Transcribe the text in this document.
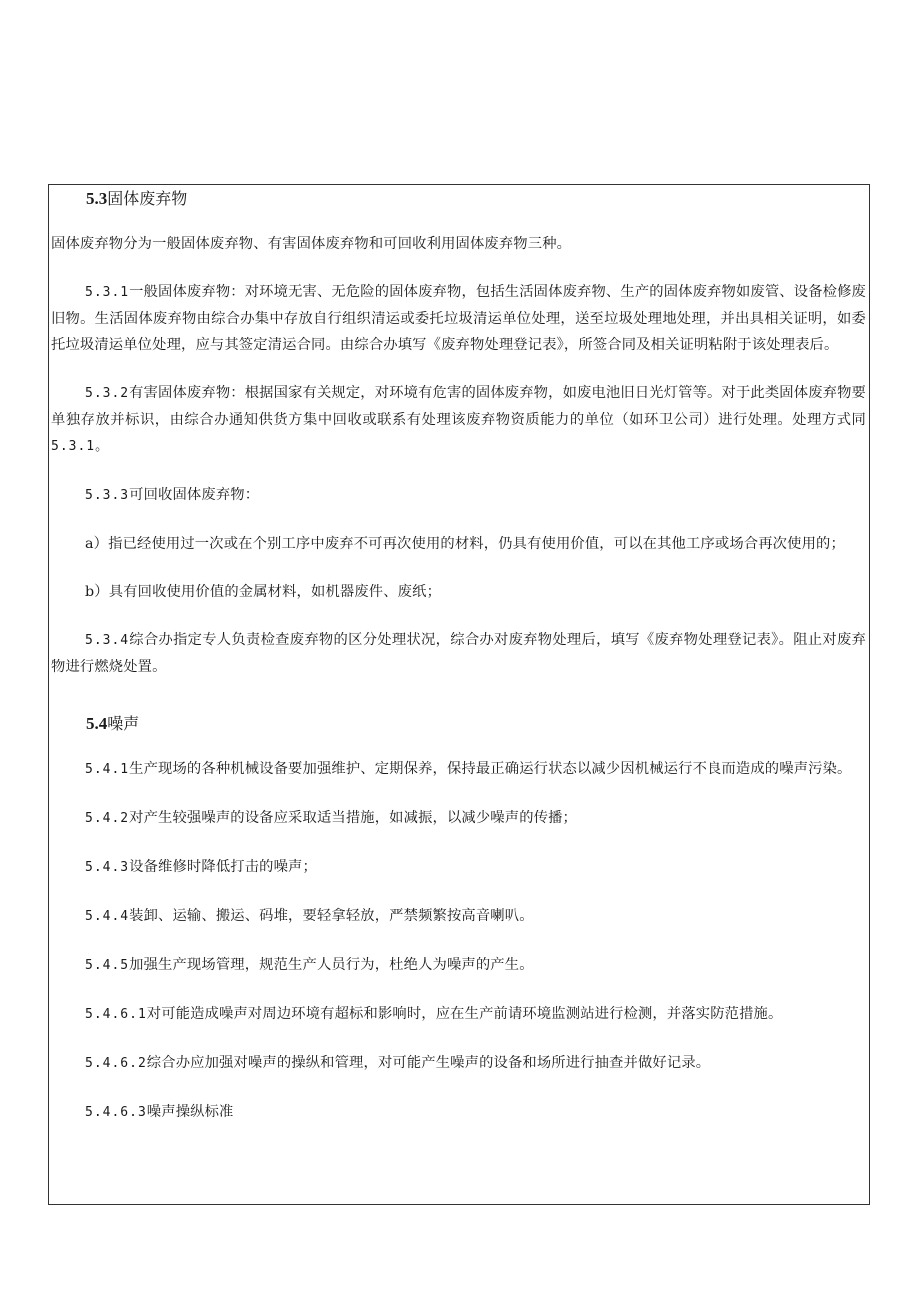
5.3固体废弃物

固体废弃物分为一般固体废弃物、有害固体废弃物和可回收利用固体废弃物三种。

5.3.1一般固体废弃物：对环境无害、无危险的固体废弃物，包括生活固体废弃物、生产的固体废弃物如废管、设备检修废旧物。生活固体废弃物由综合办集中存放自行组织清运或委托垃圾清运单位处理，送至垃圾处理地处理，并出具相关证明，如委托垃圾清运单位处理，应与其签定清运合同。由综合办填写《废弃物处理登记表》，所签合同及相关证明粘附于该处理表后。

5.3.2有害固体废弃物：根据国家有关规定，对环境有危害的固体废弃物，如废电池旧日光灯管等。对于此类固体废弃物要单独存放并标识，由综合办通知供货方集中回收或联系有处理该废弃物资质能力的单位（如环卫公司）进行处理。处理方式同5.3.1。

5.3.3可回收固体废弃物：

a）指已经使用过一次或在个别工序中废弃不可再次使用的材料，仍具有使用价值，可以在其他工序或场合再次使用的；

b）具有回收使用价值的金属材料，如机器废件、废纸；

5.3.4综合办指定专人负责检查废弃物的区分处理状况，综合办对废弃物处理后，填写《废弃物处理登记表》。阻止对废弃物进行燃烧处置。

5.4噪声

5.4.1生产现场的各种机械设备要加强维护、定期保养，保持最正确运行状态以减少因机械运行不良而造成的噪声污染。

5.4.2对产生较强噪声的设备应采取适当措施，如减振，以减少噪声的传播；

5.4.3设备维修时降低打击的噪声；

5.4.4装卸、运输、搬运、码堆，要轻拿轻放，严禁频繁按高音喇叭。

5.4.5加强生产现场管理，规范生产人员行为，杜绝人为噪声的产生。

5.4.6.1对可能造成噪声对周边环境有超标和影响时，应在生产前请环境监测站进行检测，并落实防范措施。

5.4.6.2综合办应加强对噪声的操纵和管理，对可能产生噪声的设备和场所进行抽查并做好记录。

5.4.6.3噪声操纵标准
